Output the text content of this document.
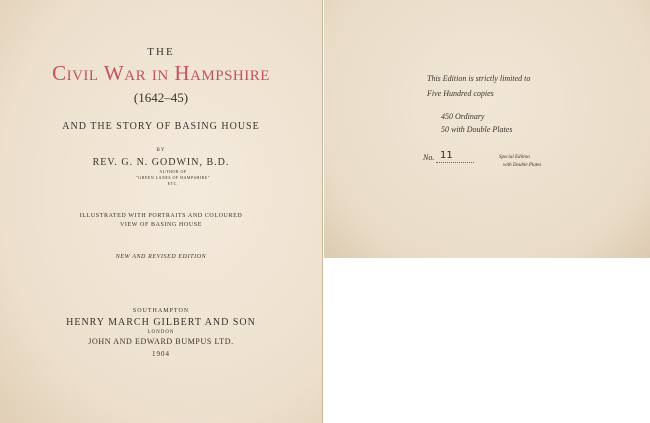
THE
Civil War in Hampshire
(1642–45)
AND THE STORY OF BASING HOUSE
BY
REV. G. N. GODWIN, B.D.
AUTHOR OF
"GREEN LANES OF HAMPSHIRE"
ETC.
ILLUSTRATED WITH PORTRAITS AND COLOURED
VIEW OF BASING HOUSE
NEW AND REVISED EDITION
SOUTHAMPTON
HENRY MARCH GILBERT AND SON
LONDON
JOHN AND EDWARD BUMPUS LTD.
1904
This Edition is strictly limited to
Five Hundred copies
450 Ordinary
50 with Double Plates
No. 11	Special Edition
with Double Plates
